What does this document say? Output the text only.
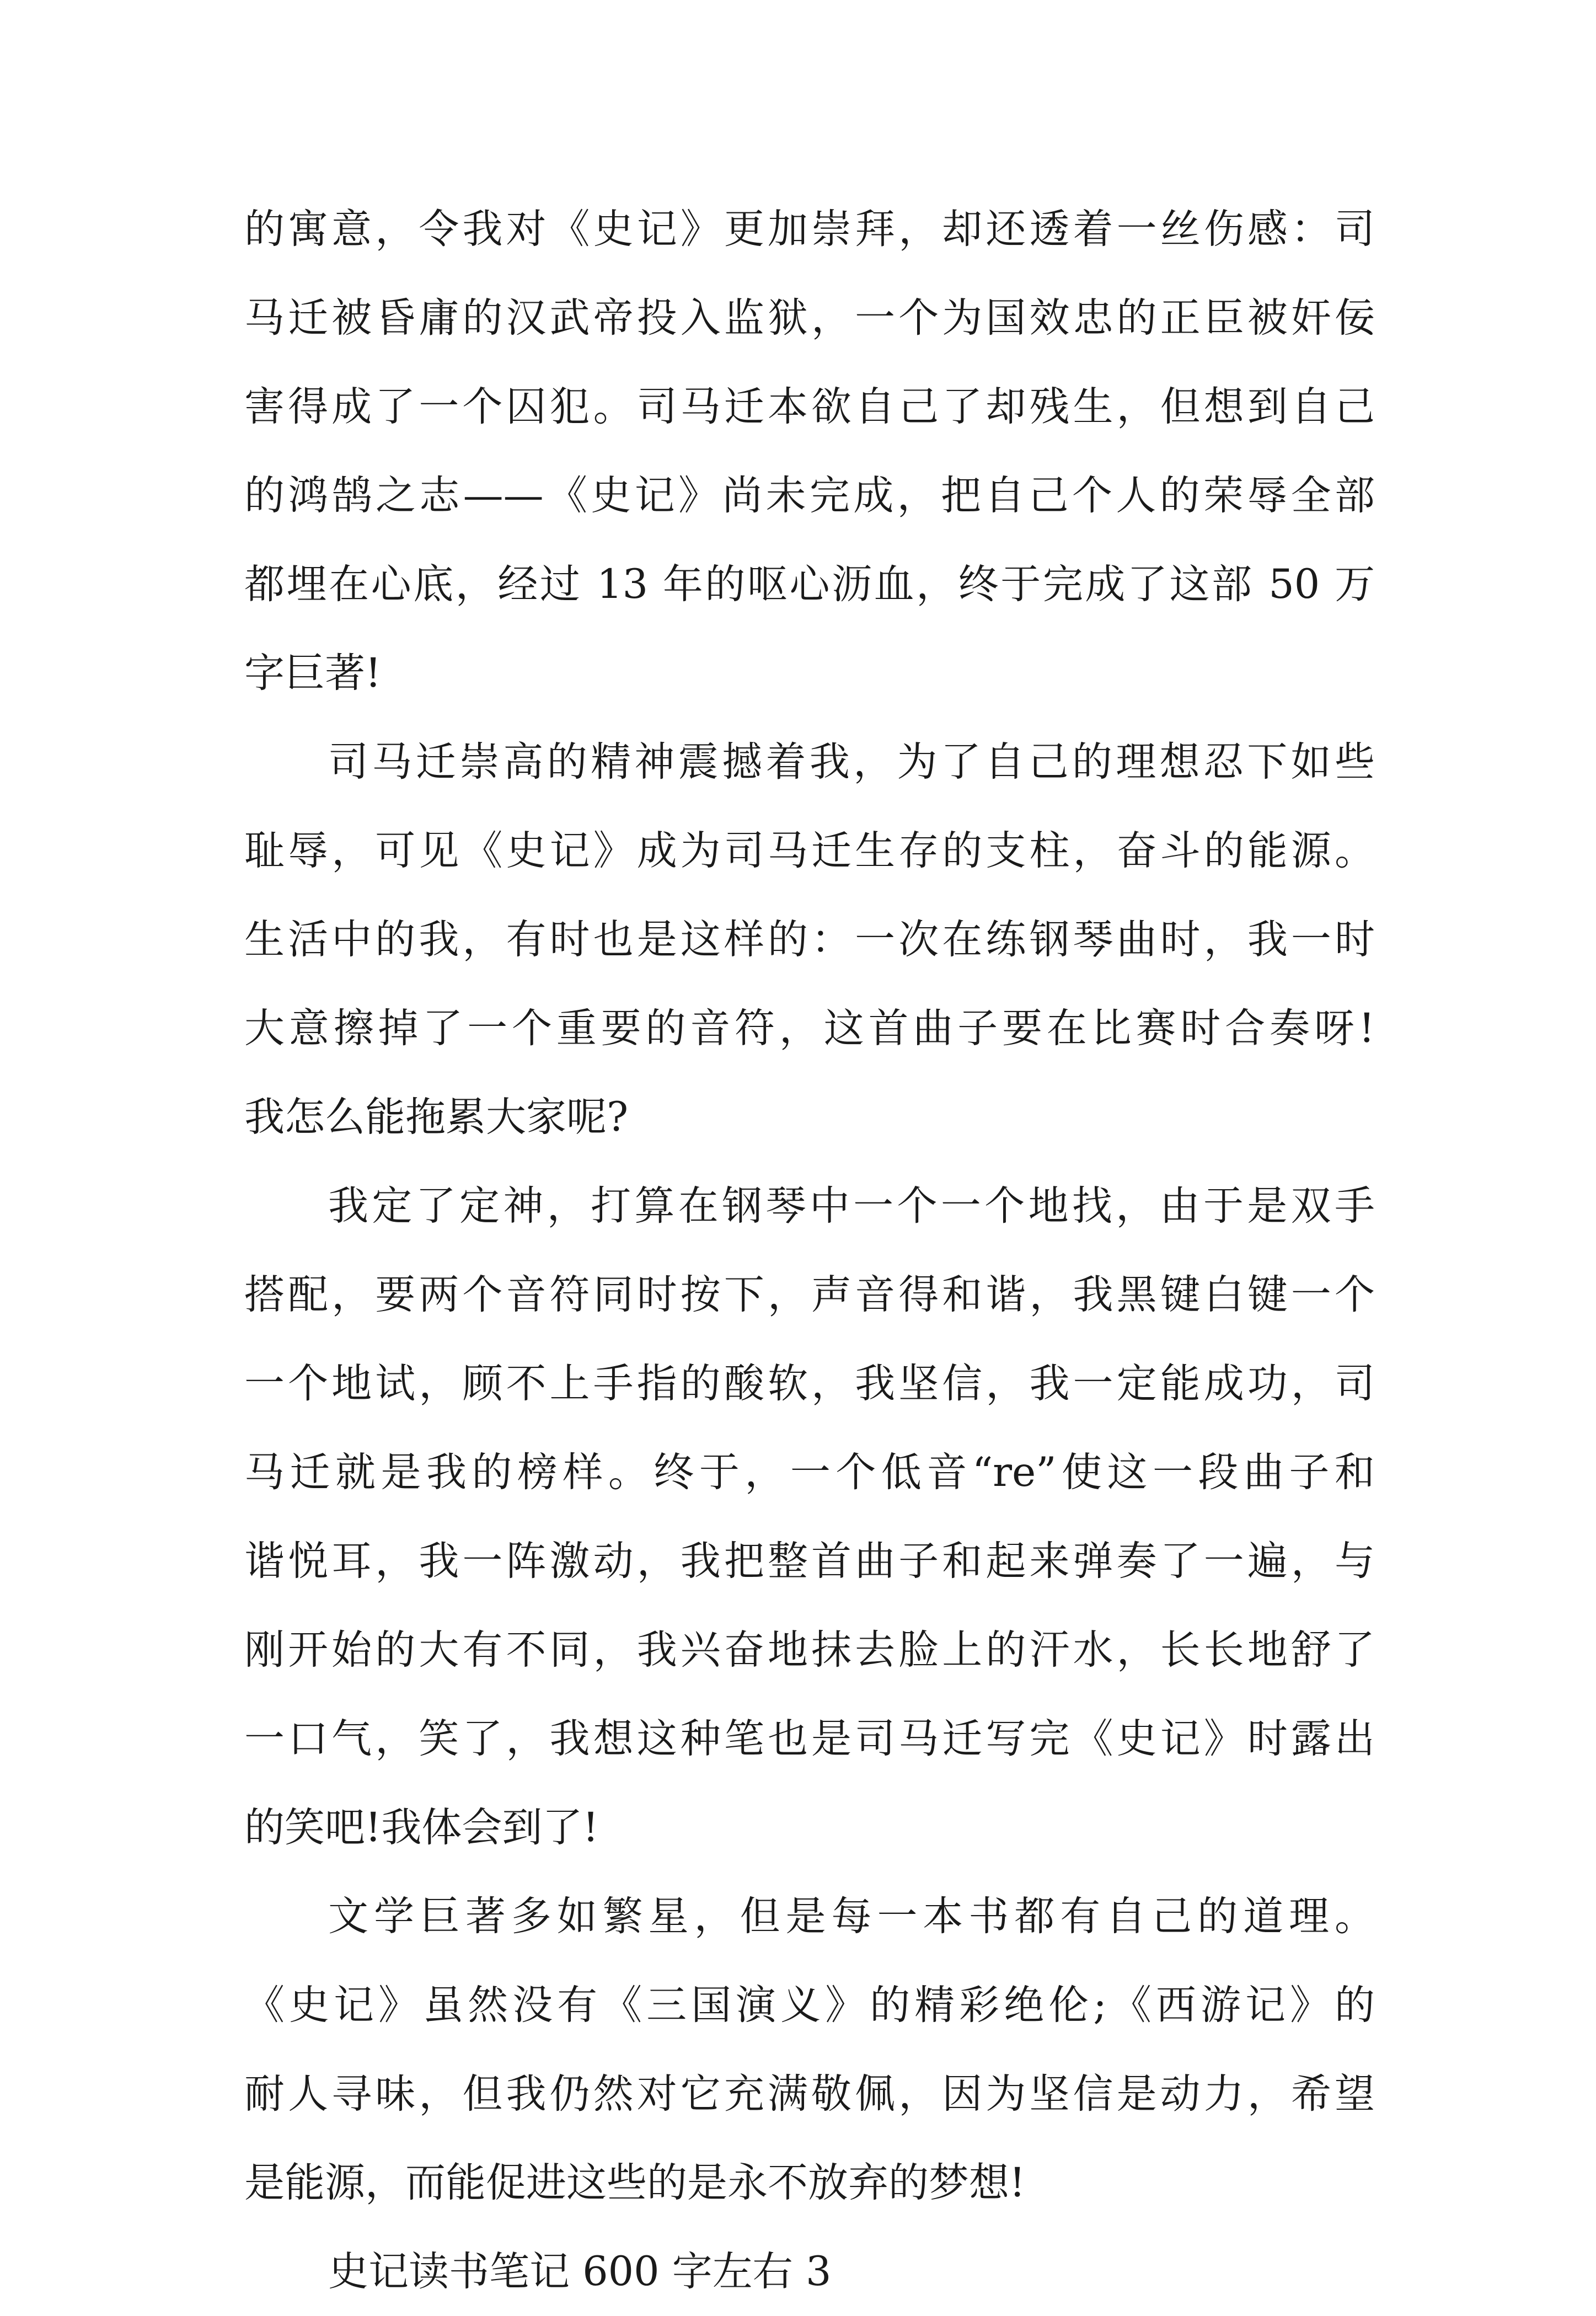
的寓意，令我对《史记》更加崇拜，却还透着一丝伤感：司
马迁被昏庸的汉武帝投入监狱，一个为国效忠的正臣被奸佞
害得成了一个囚犯。司马迁本欲自己了却残生，但想到自己
的鸿鹄之志——《史记》尚未完成，把自己个人的荣辱全部
都埋在心底，经过 13 年的呕心沥血，终于完成了这部 50 万
字巨著!
司马迁崇高的精神震撼着我，为了自己的理想忍下如些
耻辱，可见《史记》成为司马迁生存的支柱，奋斗的能源。
生活中的我，有时也是这样的：一次在练钢琴曲时，我一时
大意擦掉了一个重要的音符，这首曲子要在比赛时合奏呀!
我怎么能拖累大家呢?
我定了定神，打算在钢琴中一个一个地找，由于是双手
搭配，要两个音符同时按下，声音得和谐，我黑键白键一个
一个地试，顾不上手指的酸软，我坚信，我一定能成功，司
马迁就是我的榜样。终于，一个低音“re”使这一段曲子和
谐悦耳，我一阵激动，我把整首曲子和起来弹奏了一遍，与
刚开始的大有不同，我兴奋地抹去脸上的汗水，长长地舒了
一口气，笑了，我想这种笔也是司马迁写完《史记》时露出
的笑吧!我体会到了!
文学巨著多如繁星，但是每一本书都有自己的道理。
《史记》虽然没有《三国演义》的精彩绝伦;《西游记》的
耐人寻味，但我仍然对它充满敬佩，因为坚信是动力，希望
是能源，而能促进这些的是永不放弃的梦想!
史记读书笔记 600 字左右 3
